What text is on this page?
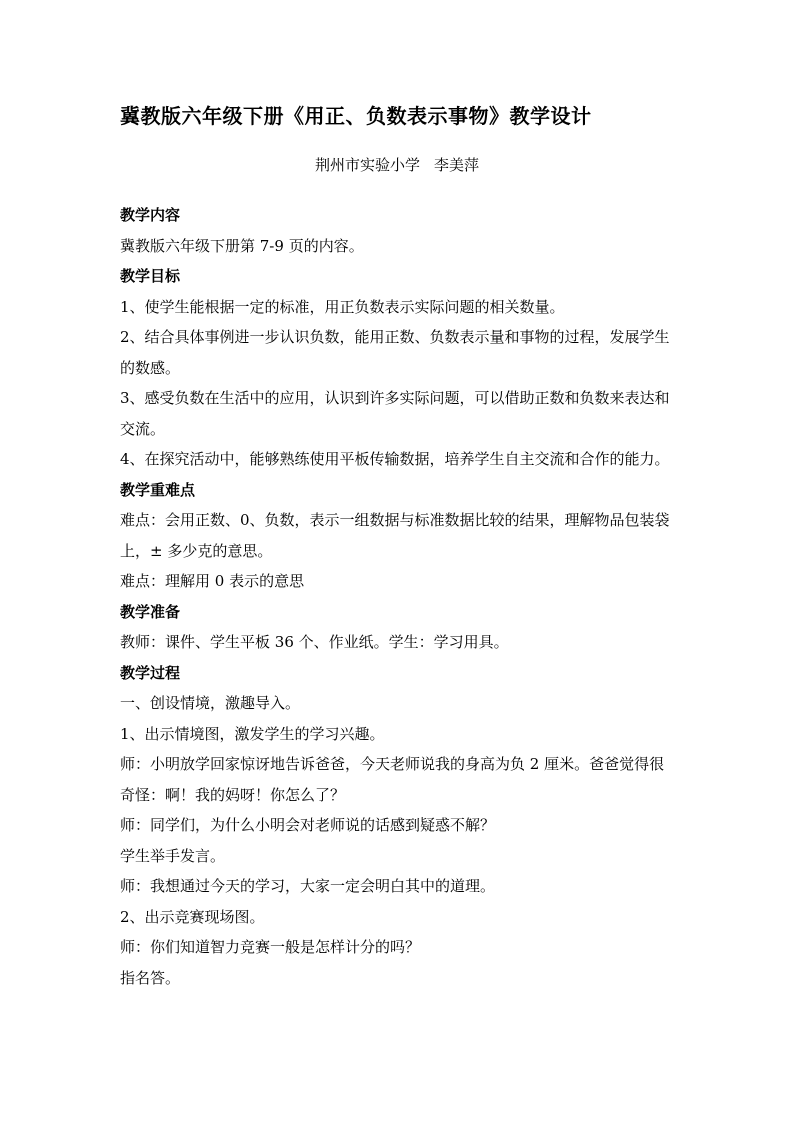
冀教版六年级下册《用正、负数表示事物》教学设计
荆州市实验小学 李美萍

教学内容

冀教版六年级下册第 7-9 页的内容。

教学目标

1、使学生能根据一定的标准，用正负数表示实际问题的相关数量。

2、结合具体事例进一步认识负数，能用正数、负数表示量和事物的过程，发展学生的数感。

3、感受负数在生活中的应用，认识到许多实际问题，可以借助正数和负数来表达和交流。

4、在探究活动中，能够熟练使用平板传输数据，培养学生自主交流和合作的能力。

教学重难点

难点：会用正数、0、负数，表示一组数据与标准数据比较的结果，理解物品包装袋上，± 多少克的意思。

难点：理解用 0 表示的意思

教学准备

教师：课件、学生平板 36 个、作业纸。学生：学习用具。

教学过程

一、创设情境，激趣导入。

1、出示情境图，激发学生的学习兴趣。

师：小明放学回家惊讶地告诉爸爸，今天老师说我的身高为负 2 厘米。爸爸觉得很奇怪：啊！我的妈呀！你怎么了？

师：同学们，为什么小明会对老师说的话感到疑惑不解？

学生举手发言。

师：我想通过今天的学习，大家一定会明白其中的道理。

2、出示竞赛现场图。

师：你们知道智力竞赛一般是怎样计分的吗？

指名答。
